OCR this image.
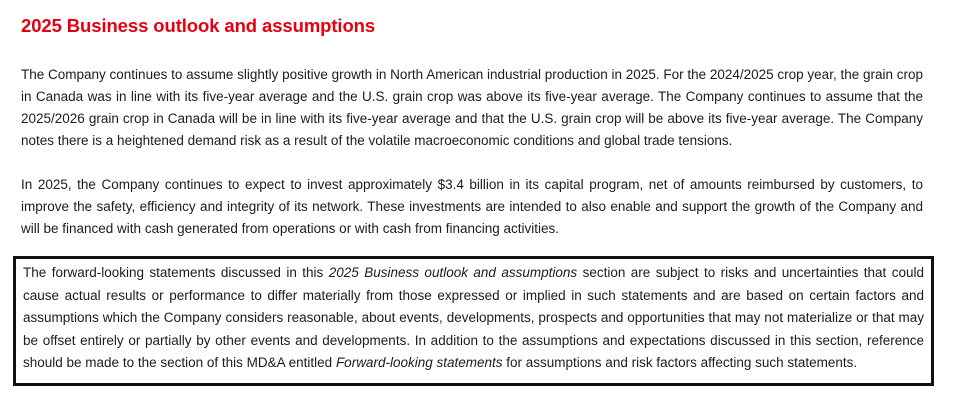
2025 Business outlook and assumptions

The Company continues to assume slightly positive growth in North American industrial production in 2025. For the 2024/2025 crop year, the grain crop in Canada was in line with its five-year average and the U.S. grain crop was above its five-year average. The Company continues to assume that the 2025/2026 grain crop in Canada will be in line with its five-year average and that the U.S. grain crop will be above its five-year average. The Company notes there is a heightened demand risk as a result of the volatile macroeconomic conditions and global trade tensions.

In 2025, the Company continues to expect to invest approximately $3.4 billion in its capital program, net of amounts reimbursed by customers, to improve the safety, efficiency and integrity of its network. These investments are intended to also enable and support the growth of the Company and will be financed with cash generated from operations or with cash from financing activities.

The forward-looking statements discussed in this 2025 Business outlook and assumptions section are subject to risks and uncertainties that could cause actual results or performance to differ materially from those expressed or implied in such statements and are based on certain factors and assumptions which the Company considers reasonable, about events, developments, prospects and opportunities that may not materialize or that may be offset entirely or partially by other events and developments. In addition to the assumptions and expectations discussed in this section, reference should be made to the section of this MD&A entitled Forward-looking statements for assumptions and risk factors affecting such statements.
